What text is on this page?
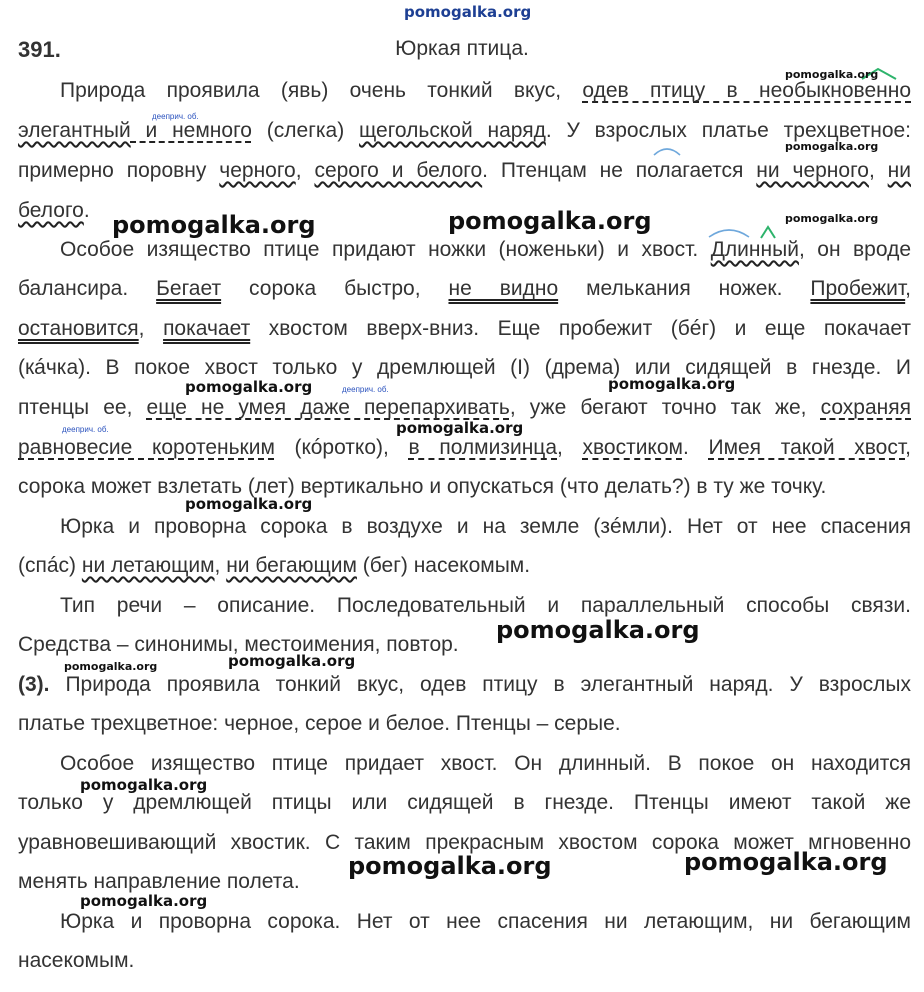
pomogalka.org
391.	Юркая птица.
Природа проявила (явь) очень тонкий вкус, одев птицу в необыкновенно
элегантный и немного (слегка) щегольской наряд. У взрослых платье трехцветное:
примерно поровну черного, серого и белого. Птенцам не полагается ни черного, ни
белого.
Особое изящество птице придают ножки (ноженьки) и хвост. Длинный, он вроде
балансира. Бегает сорока быстро, не видно мелькания ножек. Пробежит,
остановится, покачает хвостом вверх-вниз. Еще пробежит (бéг) и еще покачает
(кáчка). В покое хвост только у дремлющей (I) (дрема) или сидящей в гнезде. И
птенцы ее, еще не умея даже перепархивать, уже бегают точно так же, сохраняя
равновесие коротеньким (кóротко), в полмизинца, хвостиком. Имея такой хвост,
сорока может взлетать (лет) вертикально и опускаться (что делать?) в ту же точку.
Юрка и проворна сорока в воздухе и на земле (зéмли). Нет от нее спасения
(спáс) ни летающим, ни бегающим (бег) насекомым.
Тип речи – описание. Последовательный и параллельный способы связи.
Средства – синонимы, местоимения, повтор.
(3). Природа проявила тонкий вкус, одев птицу в элегантный наряд. У взрослых
платье трехцветное: черное, серое и белое. Птенцы – серые.
Особое изящество птице придает хвост. Он длинный. В покое он находится
только у дремлющей птицы или сидящей в гнезде. Птенцы имеют такой же
уравновешивающий хвостик. С таким прекрасным хвостом сорока может мгновенно
менять направление полета.
Юрка и проворна сорока. Нет от нее спасения ни летающим, ни бегающим
насекомым.
дееприч. об.
дееприч. об.
дееприч. об.
pomogalka.org
pomogalka.org
pomogalka.org	pomogalka.org	pomogalka.org
pomogalka.org	pomogalka.org
pomogalka.org
pomogalka.org
pomogalka.org
pomogalka.org
pomogalka.org
pomogalka.org
pomogalka.org	pomogalka.org
pomogalka.org
